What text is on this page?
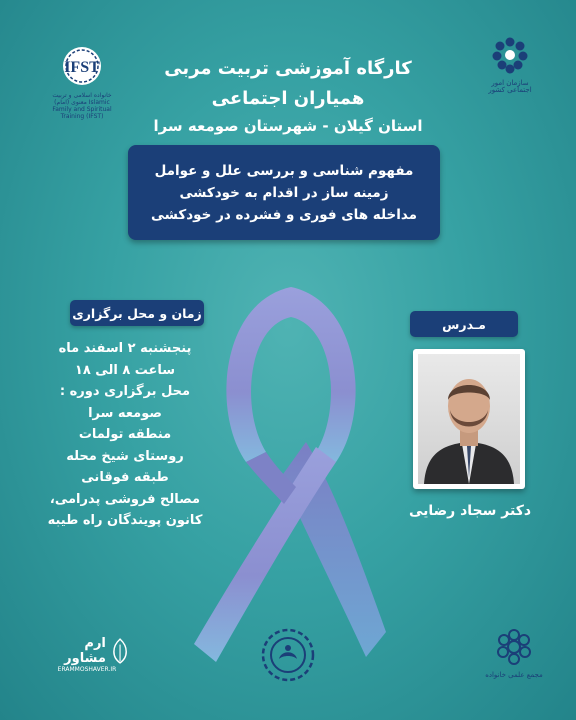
IFST
خانواده اسلامی و تربیت معنوی (امام) Islamic Family and Spiritual Training (IFST)
سازمان امور اجتماعی کشور
کارگاه آموزشی تربیت مربی
همیاران اجتماعی
استان گیلان - شهرستان صومعه سرا
مفهوم شناسی و بررسی علل و عوامل
زمینه ساز در اقدام به خودکشی
مداخله های فوری و فشرده در خودکشی
زمان و محل برگزاری
پنجشنبه ۲ اسفند ماه
ساعت ۸ الی ۱۸
محل برگزاری دوره :
صومعه سرا
منطقه تولمات
روستای شیخ محله
طبقه فوقانی
مصالح فروشی پدرامی،
کانون پویندگان راه طیبه
مـدرس
دکتر سجاد رضایی
ارم مشاور
ERAMMOSHAVER.IR
مجمع علمی خانواده
